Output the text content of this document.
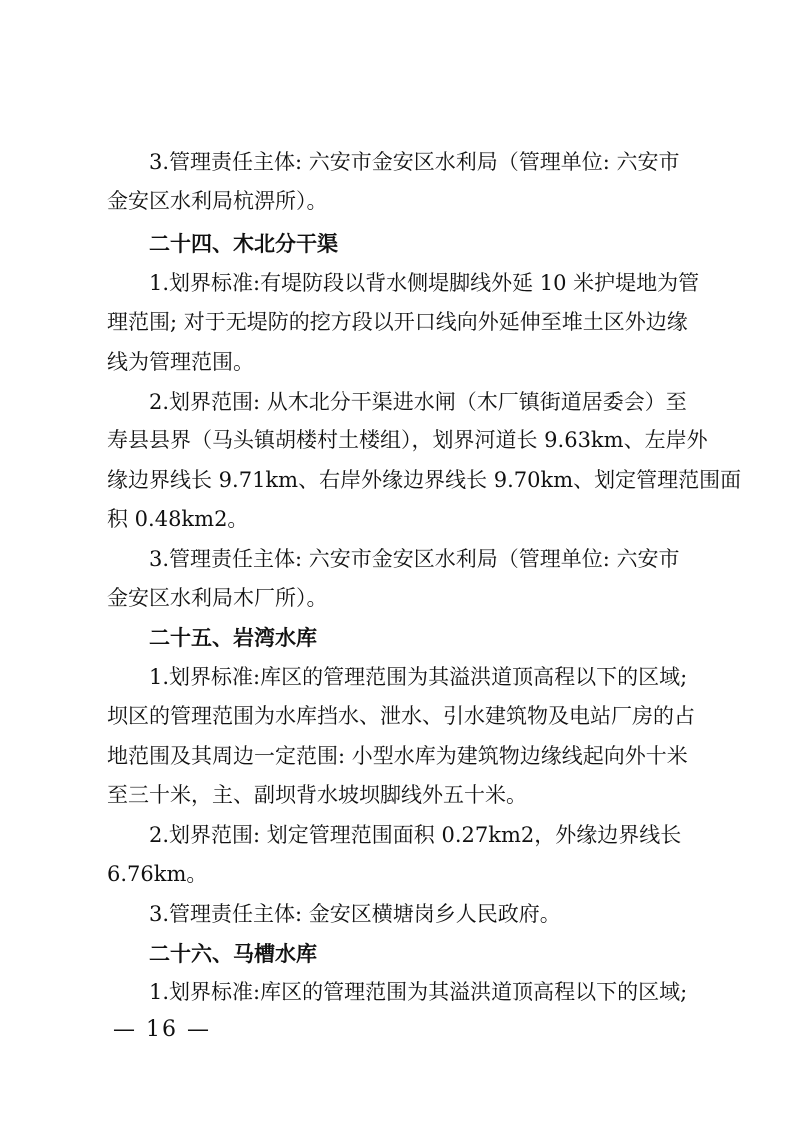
3.管理责任主体: 六安市金安区水利局（管理单位: 六安市
金安区水利局杭淠所）。
二十四、木北分干渠
1.划界标准:有堤防段以背水侧堤脚线外延 10 米护堤地为管
理范围; 对于无堤防的挖方段以开口线向外延伸至堆土区外边缘
线为管理范围。
2.划界范围: 从木北分干渠进水闸（木厂镇街道居委会）至
寿县县界（马头镇胡楼村土楼组），划界河道长 9.63km、左岸外
缘边界线长 9.71km、右岸外缘边界线长 9.70km、划定管理范围面
积 0.48km2。
3.管理责任主体: 六安市金安区水利局（管理单位: 六安市
金安区水利局木厂所）。
二十五、岩湾水库
1.划界标准:库区的管理范围为其溢洪道顶高程以下的区域;
坝区的管理范围为水库挡水、泄水、引水建筑物及电站厂房的占
地范围及其周边一定范围: 小型水库为建筑物边缘线起向外十米
至三十米，主、副坝背水坡坝脚线外五十米。
2.划界范围: 划定管理范围面积 0.27km2，外缘边界线长
6.76km。
3.管理责任主体: 金安区横塘岗乡人民政府。
二十六、马槽水库
1.划界标准:库区的管理范围为其溢洪道顶高程以下的区域;
— 16 —
